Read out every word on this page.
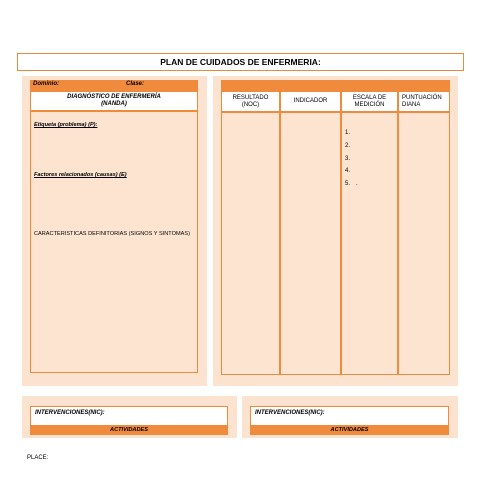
PLAN DE CUIDADOS DE ENFERMERIA:
Dominio:	Clase:
DIAGNÓSTICO DE ENFERMERÍA
(NANDA)
Etiqueta (problema) (P):
Factores relacionados (causas) (E)
CARACTERISTICAS DEFINITORIAS (SIGNOS Y SINTOMAS)
RESULTADO
(NOC)
INDICADOR	ESCALA DE
MEDICIÓN
PUNTUACIÓN
DIANA
1.
2.
3.
4.
5. .
INTERVENCIONES(NIC):
ACTIVIDADES
INTERVENCIONES(NIC):
ACTIVIDADES
PLACE:
